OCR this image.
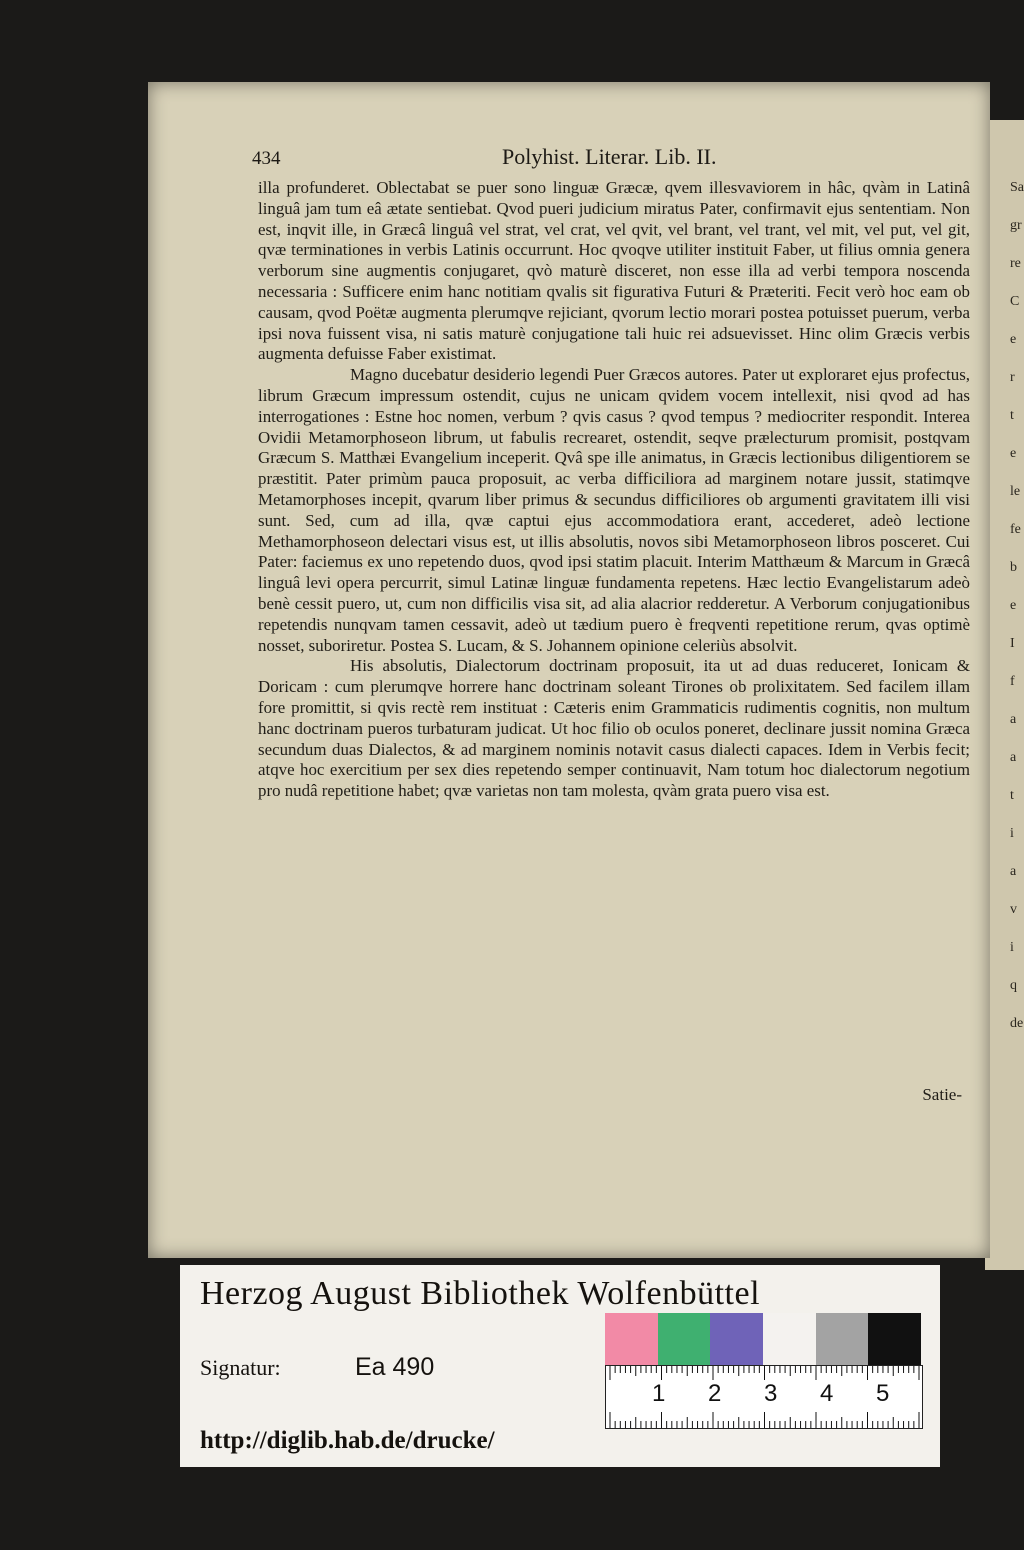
Sa
gr
re
C
e
r
t
e
le
fe
b
e
I
f
a
a
t
i
a
v
i
q
de
434	Polyhist. Literar. Lib. II.

illa profunderet. Oblectabat se puer sono linguæ Græcæ, qvem illesvaviorem in hâc, qvàm in Latinâ linguâ jam tum eâ ætate sentiebat. Qvod pueri judicium miratus Pater, confirmavit ejus sententiam. Non est, inqvit ille, in Græcâ linguâ vel strat, vel crat, vel qvit, vel brant, vel trant, vel mit, vel put, vel git, qvæ terminationes in verbis Latinis occurrunt. Hoc qvoqve utiliter instituit Faber, ut filius omnia genera verborum sine augmentis conjugaret, qvò maturè disceret, non esse illa ad verbi tempora noscenda necessaria : Sufficere enim hanc notitiam qvalis sit figurativa Futuri & Præteriti. Fecit verò hoc eam ob causam, qvod Poëtæ augmenta plerumqve rejiciant, qvorum lectio morari postea potuisset puerum, verba ipsi nova fuissent visa, ni satis maturè conjugatione tali huic rei adsuevisset. Hinc olim Græcis verbis augmenta defuisse Faber existimat.

Magno ducebatur desiderio legendi Puer Græcos autores. Pater ut exploraret ejus profectus, librum Græcum impressum ostendit, cujus ne unicam qvidem vocem intellexit, nisi qvod ad has interrogationes : Estne hoc nomen, verbum ? qvis casus ? qvod tempus ? mediocriter respondit. Interea Ovidii Metamorphoseon librum, ut fabulis recrearet, ostendit, seqve prælecturum promisit, postqvam Græcum S. Matthæi Evangelium inceperit. Qvâ spe ille animatus, in Græcis lectionibus diligentiorem se præstitit. Pater primùm pauca proposuit, ac verba difficiliora ad marginem notare jussit, statimqve Metamorphoses incepit, qvarum liber primus & secundus difficiliores ob argumenti gravitatem illi visi sunt. Sed, cum ad illa, qvæ captui ejus accommodatiora erant, accederet, adeò lectione Methamorphoseon delectari visus est, ut illis absolutis, novos sibi Metamorphoseon libros posceret. Cui Pater: faciemus ex uno repetendo duos, qvod ipsi statim placuit. Interim Matthæum & Marcum in Græcâ linguâ levi opera percurrit, simul Latinæ linguæ fundamenta repetens. Hæc lectio Evangelistarum adeò benè cessit puero, ut, cum non difficilis visa sit, ad alia alacrior redderetur. A Verborum conjugationibus repetendis nunqvam tamen cessavit, adeò ut tædium puero è freqventi repetitione rerum, qvas optimè nosset, suboriretur. Postea S. Lucam, & S. Johannem opinione celeriùs absolvit.

His absolutis, Dialectorum doctrinam proposuit, ita ut ad duas reduceret, Ionicam & Doricam : cum plerumqve horrere hanc doctrinam soleant Tirones ob prolixitatem. Sed facilem illam fore promittit, si qvis rectè rem instituat : Cæteris enim Grammaticis rudimentis cognitis, non multum hanc doctrinam pueros turbaturam judicat. Ut hoc filio ob oculos poneret, declinare jussit nomina Græca secundum duas Dialectos, & ad marginem nominis notavit casus dialecti capaces. Idem in Verbis fecit; atqve hoc exercitium per sex dies repetendo semper continuavit, Nam totum hoc dialectorum negotium pro nudâ repetitione habet; qvæ varietas non tam molesta, qvàm grata puero visa est.

Satie-
Herzog August Bibliothek Wolfenbüttel
Signatur:	Ea 490
1 2 3 4 5
http://diglib.hab.de/drucke/
